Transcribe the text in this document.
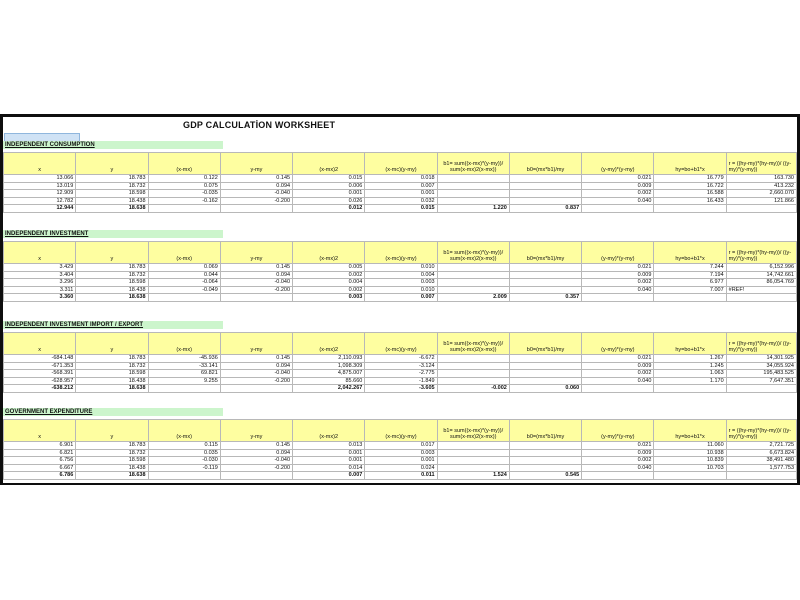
GDP CALCULATİON WORKSHEET
INDEPENDENT CONSUMPTİON
x	y	(x-mx)	y-my	(x-mx)2	(x-mc)(y-my)	b1= sum((x-mx)*(y-my))/ sum(x-mx)2(x-mx))	b0=(mx*b1)/my	(y-my)*(y-my)	hy=bo+b1*x	r = ((hy-my)*(hy-my))/ ((y-my)*(y-my))
13.066	18.783	0.122	0.145	0.015	0.018			0.021	16.779	163.730
13.019	18.732	0.075	0.094	0.006	0.007			0.009	16.722	413.232
12.909	18.598	-0.035	-0.040	0.001	0.001			0.002	16.588	2,660.070
12.782	18.438	-0.162	-0.200	0.026	0.032			0.040	16.433	121.866
12.944	18.638			0.012	0.015	1.220	0.837			
INDEPENDENT INVESTMENT
x	y	(x-mx)	y-my	(x-mx)2	(x-mc)(y-my)	b1= sum((x-mx)*(y-my))/ sum(x-mx)2(x-mx))	b0=(mx*b1)/my	(y-my)*(y-my)	hy=bo+b1*x	r = ((hy-my)*(hy-my))/ ((y-my)*(y-my))
3.429	18.783	0.069	0.145	0.005	0.010			0.021	7.244	6,152.996
3.404	18.732	0.044	0.094	0.002	0.004			0.009	7.194	14,742.661
3.296	18.598	-0.064	-0.040	0.004	0.003			0.002	6.977	86,054.769
3.311	18.438	-0.049	-0.200	0.002	0.010			0.040	7.007	#REF!
3.360	18.638			0.003	0.007	2.009	0.357			
INDEPENDENT INVESTMENT IMPORT / EXPORT
x	y	(x-mx)	y-my	(x-mx)2	(x-mc)(y-my)	b1= sum((x-mx)*(y-my))/ sum(x-mx)2(x-mx))	b0=(mx*b1)/my	(y-my)*(y-my)	hy=bo+b1*x	r = ((hy-my)*(hy-my))/ ((y-my)*(y-my))
-684.148	18.783	-45.936	0.145	2,110.093	-6.672			0.021	1.267	14,301.925
-671.353	18.732	-33.141	0.094	1,098.309	-3.124			0.009	1.245	34,055.924
-568.391	18.598	69.821	-0.040	4,875.007	-2.775			0.002	1.063	195,483.525
-628.957	18.438	9.255	-0.200	85.660	-1.849			0.040	1.170	7,647.351
-638.212	18.638			2,042.267	-3.605	-0.002	0.060			
GOVERNMENT EXPENDİTURE
x	y	(x-mx)	y-my	(x-mx)2	(x-mc)(y-my)	b1= sum((x-mx)*(y-my))/ sum(x-mx)2(x-mx))	b0=(mx*b1)/my	(y-my)*(y-my)	hy=bo+b1*x	r = ((hy-my)*(hy-my))/ ((y-my)*(y-my))
6.901	18.783	0.115	0.145	0.013	0.017			0.021	11.060	2,721.725
6.821	18.732	0.035	0.094	0.001	0.003			0.009	10.938	6,673.824
6.756	18.598	-0.030	-0.040	0.001	0.001			0.002	10.839	38,491.480
6.667	18.438	-0.119	-0.200	0.014	0.024			0.040	10.703	1,577.753
6.786	18.638			0.007	0.011	1.524	0.545			
